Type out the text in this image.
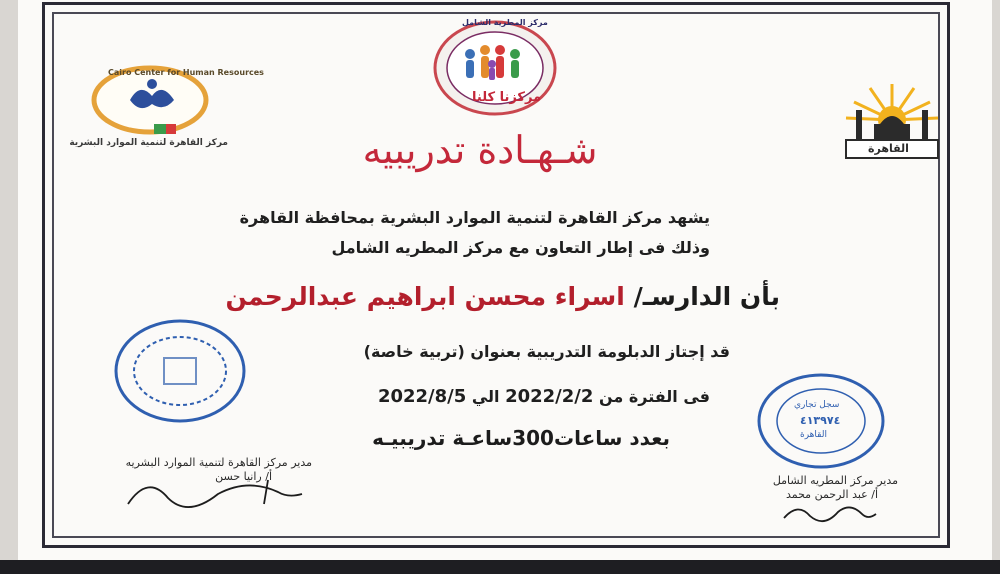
مركز المطرية الشامل
مركزنا كلنا
Cairo Center for Human Resources
مركز القاهرة لتنمية الموارد البشرية	القاهرة
شـهـادة تدريبيه
يشهد مركز القاهرة لتنمية الموارد البشرية بمحافظة القاهرة
وذلك فى إطار التعاون مع مركز المطريه الشامل
بأن الدارسـ/ اسراء محسن ابراهيم عبدالرحمن
قد إجتاز الدبلومة التدريبية بعنوان (تربية خاصة)
فى الفترة من 2022/2/2 الي 2022/8/5
بعدد ساعات300ساعـة تدريبيـه
سجل تجاري
٤١٣٩٧٤
القاهرة
مدير مركز القاهرة لتنمية الموارد البشريه
أ/ رانيا حسن	مدير مركز المطريه الشامل
أ/ عبد الرحمن محمد
